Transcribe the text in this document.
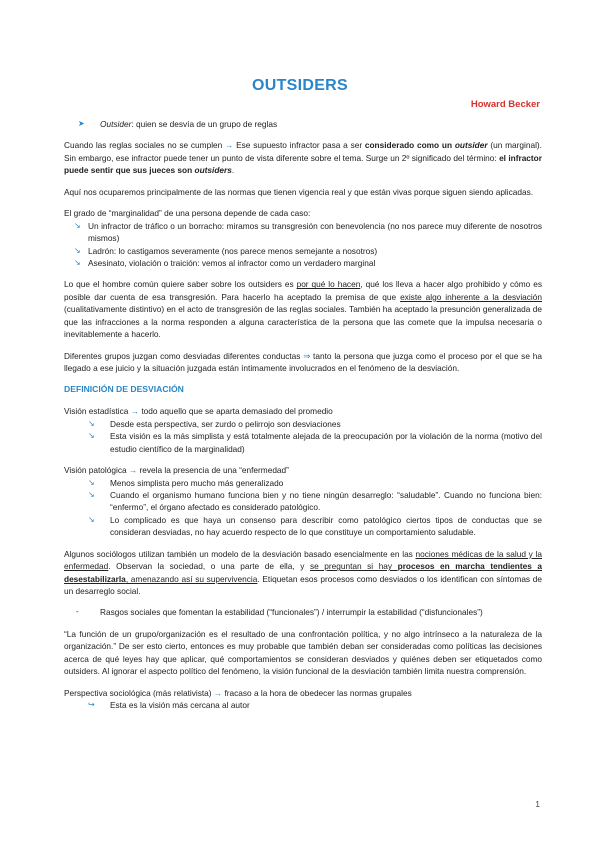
OUTSIDERS
Howard Becker
➤	Outsider: quien se desvía de un grupo de reglas

Cuando las reglas sociales no se cumplen → Ese supuesto infractor pasa a ser considerado como un outsider (un marginal). Sin embargo, ese infractor puede tener un punto de vista diferente sobre el tema. Surge un 2º significado del término: el infractor puede sentir que sus jueces son outsiders.

Aquí nos ocuparemos principalmente de las normas que tienen vigencia real y que están vivas porque siguen siendo aplicadas.

El grado de “marginalidad” de una persona depende de cada caso:

↘ Un infractor de tráfico o un borracho: miramos su transgresión con benevolencia (no nos parece muy diferente de nosotros mismos)
↘ Ladrón: lo castigamos severamente (nos parece menos semejante a nosotros)
↘ Asesinato, violación o traición: vemos al infractor como un verdadero marginal

Lo que el hombre común quiere saber sobre los outsiders es por qué lo hacen, qué los lleva a hacer algo prohibido y cómo es posible dar cuenta de esa transgresión. Para hacerlo ha aceptado la premisa de que existe algo inherente a la desviación (cualitativamente distintivo) en el acto de transgresión de las reglas sociales. También ha aceptado la presunción generalizada de que las infracciones a la norma responden a alguna característica de la persona que las comete que la impulsa necesaria o inevitablemente a hacerlo.

Diferentes grupos juzgan como desviadas diferentes conductas ⇒ tanto la persona que juzga como el proceso por el que se ha llegado a ese juicio y la situación juzgada están íntimamente involucrados en el fenómeno de la desviación.

DEFINICIÓN DE DESVIACIÓN

Visión estadística → todo aquello que se aparta demasiado del promedio

↘	Desde esta perspectiva, ser zurdo o pelirrojo son desviaciones
↘	Esta visión es la más simplista y está totalmente alejada de la preocupación por la violación de la norma (motivo del estudio científico de la marginalidad)

Visión patológica → revela la presencia de una “enfermedad”

↘	Menos simplista pero mucho más generalizado
↘	Cuando el organismo humano funciona bien y no tiene ningún desarreglo: “saludable”. Cuando no funciona bien: “enfermo”, el órgano afectado es considerado patológico.
↘	Lo complicado es que haya un consenso para describir como patológico ciertos tipos de conductas que se consideran desviadas, no hay acuerdo respecto de lo que constituye un comportamiento saludable.

Algunos sociólogos utilizan también un modelo de la desviación basado esencialmente en las nociones médicas de la salud y la enfermedad. Observan la sociedad, o una parte de ella, y se preguntan si hay procesos en marcha tendientes a desestabilizarla, amenazando así su supervivencia. Etiquetan esos procesos como desviados o los identifican con síntomas de un desarreglo social.

-	Rasgos sociales que fomentan la estabilidad (“funcionales”) / interrumpir la estabilidad (“disfuncionales”)

“La función de un grupo/organización es el resultado de una confrontación política, y no algo intrínseco a la naturaleza de la organización.” De ser esto cierto, entonces es muy probable que también deban ser consideradas como políticas las decisiones acerca de qué leyes hay que aplicar, qué comportamientos se consideran desviados y quiénes deben ser etiquetados como outsiders. Al ignorar el aspecto político del fenómeno, la visión funcional de la desviación también limita nuestra comprensión.

Perspectiva sociológica (más relativista) → fracaso a la hora de obedecer las normas grupales

↪	Esta es la visión más cercana al autor
1
